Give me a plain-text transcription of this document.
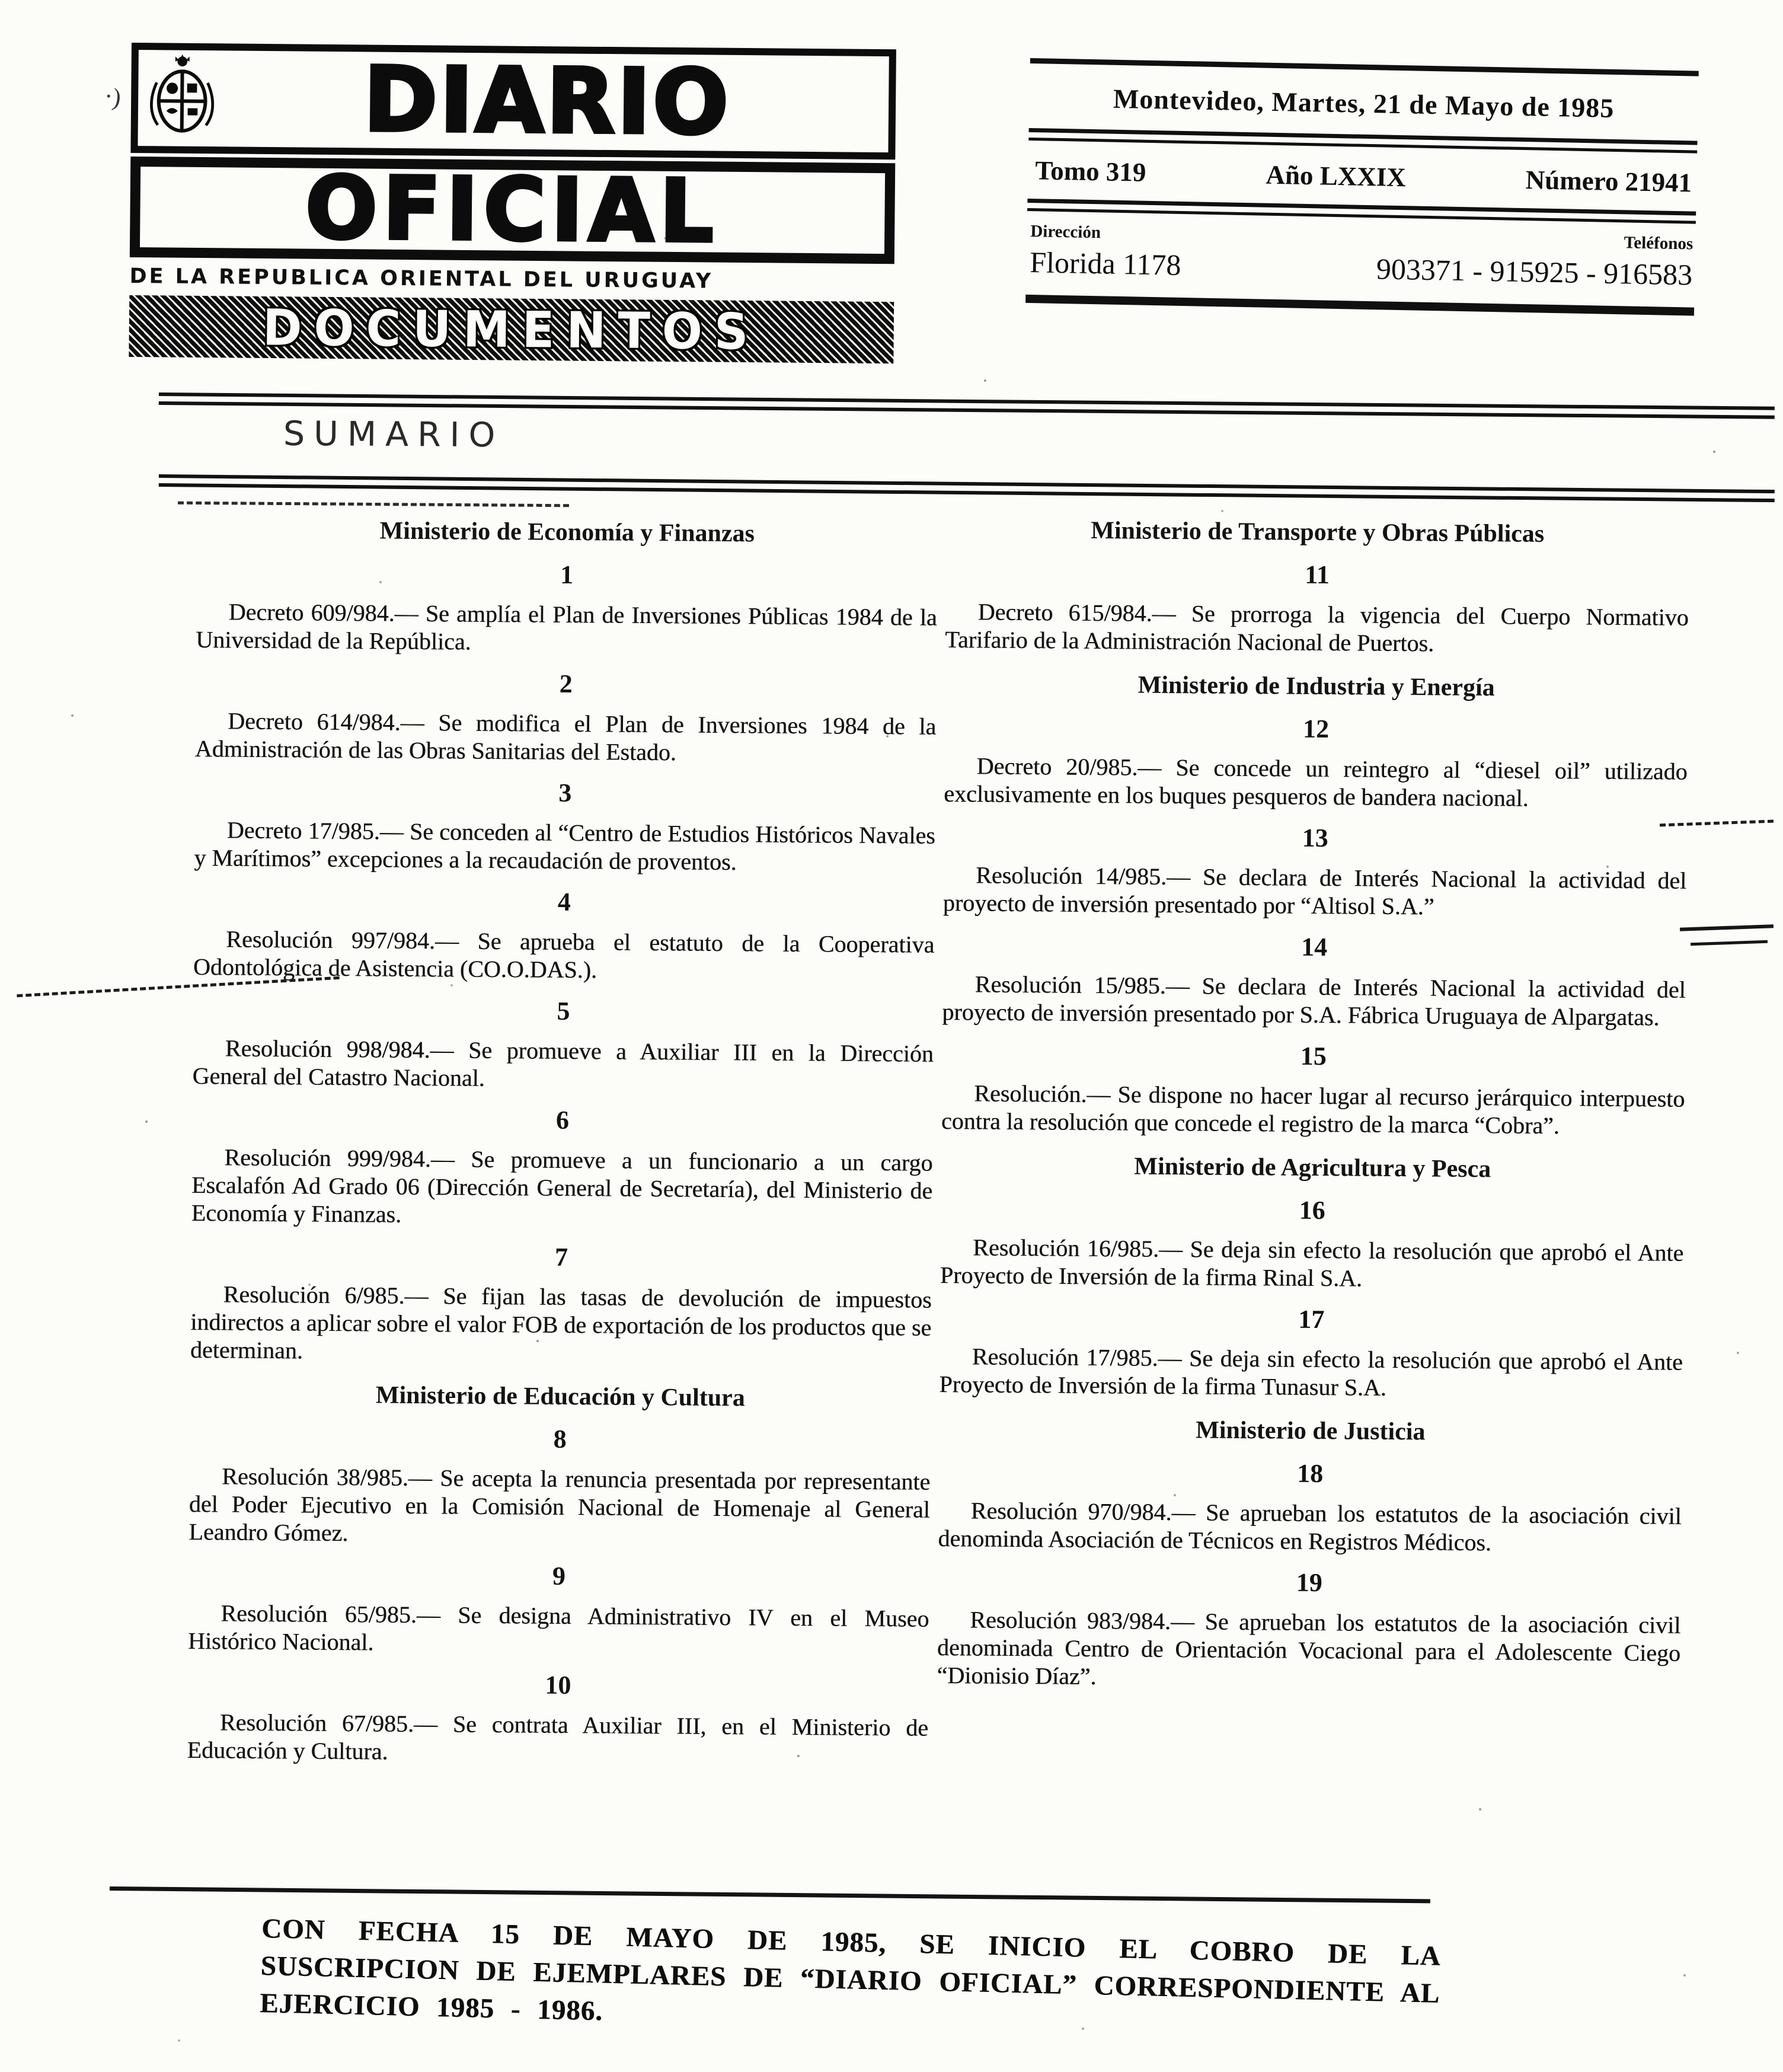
DIARIO
OFICIAL
DE LA REPUBLICA ORIENTAL DEL URUGUAY
DOCUMENTOS
Montevideo, Martes, 21 de Mayo de 1985
Tomo 319	Año LXXIX	Número 21941
Dirección
Teléfonos
Florida 1178	903371 - 915925 - 916583
SUMARIO
Ministerio de Economía y Finanzas
1

Decreto 609/984.— Se amplía el Plan de Inversiones Públicas 1984 de la Universidad de la República.

2

Decreto 614/984.— Se modifica el Plan de Inversiones 1984 de la Administración de las Obras Sanitarias del Estado.

3

Decreto 17/985.— Se conceden al “Centro de Estudios Históricos Navales y Marítimos” excepciones a la recaudación de proventos.

4

Resolución 997/984.— Se aprueba el estatuto de la Cooperativa Odontológica de Asistencia (CO.O.DAS.).

5

Resolución 998/984.— Se promueve a Auxiliar III en la Dirección General del Catastro Nacional.

6

Resolución 999/984.— Se promueve a un funcionario a un cargo Escalafón Ad Grado 06 (Dirección General de Secretaría), del Ministerio de Economía y Finanzas.

7

Resolución 6/985.— Se fijan las tasas de devolución de impuestos indirectos a aplicar sobre el valor FOB de exportación de los productos que se determinan.

Ministerio de Educación y Cultura
8

Resolución 38/985.— Se acepta la renuncia presentada por representante del Poder Ejecutivo en la Comisión Nacional de Homenaje al General Leandro Gómez.

9

Resolución 65/985.— Se designa Administrativo IV en el Museo Histórico Nacional.

10

Resolución 67/985.— Se contrata Auxiliar III, en el Ministerio de Educación y Cultura.

Ministerio de Transporte y Obras Públicas
11

Decreto 615/984.— Se prorroga la vigencia del Cuerpo Normativo Tarifario de la Administración Nacional de Puertos.

Ministerio de Industria y Energía
12

Decreto 20/985.— Se concede un reintegro al “diesel oil” utilizado exclusivamente en los buques pesqueros de bandera nacional.

13

Resolución 14/985.— Se declara de Interés Nacional la actividad del proyecto de inversión presentado por “Altisol S.A.”

14

Resolución 15/985.— Se declara de Interés Nacional la actividad del proyecto de inversión presentado por S.A. Fábrica Uruguaya de Alpargatas.

15

Resolución.— Se dispone no hacer lugar al recurso jerárquico interpuesto contra la resolución que concede el registro de la marca “Cobra”.

Ministerio de Agricultura y Pesca
16

Resolución 16/985.— Se deja sin efecto la resolución que aprobó el Ante Proyecto de Inversión de la firma Rinal S.A.

17

Resolución 17/985.— Se deja sin efecto la resolución que aprobó el Ante Proyecto de Inversión de la firma Tunasur S.A.

Ministerio de Justicia
18

Resolución 970/984.— Se aprueban los estatutos de la asociación civil denominda Asociación de Técnicos en Registros Médicos.

19

Resolución 983/984.— Se aprueban los estatutos de la asociación civil denominada Centro de Orientación Vocacional para el Adolescente Ciego “Dionisio Díaz”.

CON FECHA 15 DE MAYO DE 1985, SE INICIO EL COBRO DE LA SUSCRIPCION DE EJEMPLARES DE “DIARIO OFICIAL” CORRESPONDIENTE AL EJERCICIO 1985 - 1986.
·)
